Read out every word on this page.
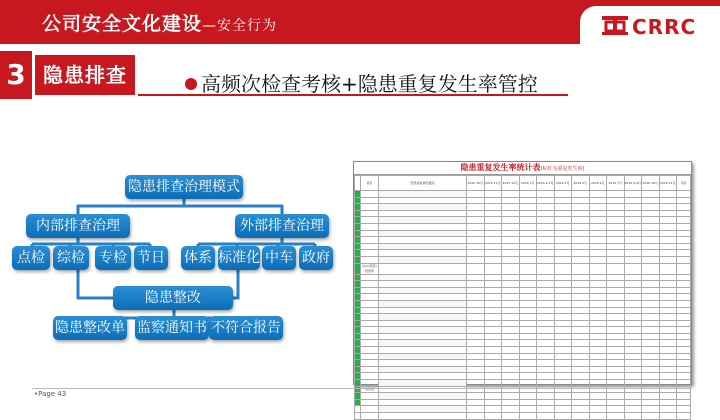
公司安全文化建设—安全行为	CRRC
3 隐患排查	高频次检查考核+隐患重复发生率管控
隐患排查治理模式
内部排查治理	外部排查治理
点检 综检 专检 节日 体系 标准化 中车 政府
隐患整改
隐患整改单 监察通知书 不符合报告
隐患重复发生率统计表(标红为重复发生项)
	项目	隐患排查情况描述	2015 10月	2015 11月	2015 12月	2016 1月	2016 2-3月	2016 4月	2016 5月	2016 6月	2016 7月	2016 8-9月	2016 10月	2016 11月	年度

	动力(隐患)隐患项														

•Page 43
